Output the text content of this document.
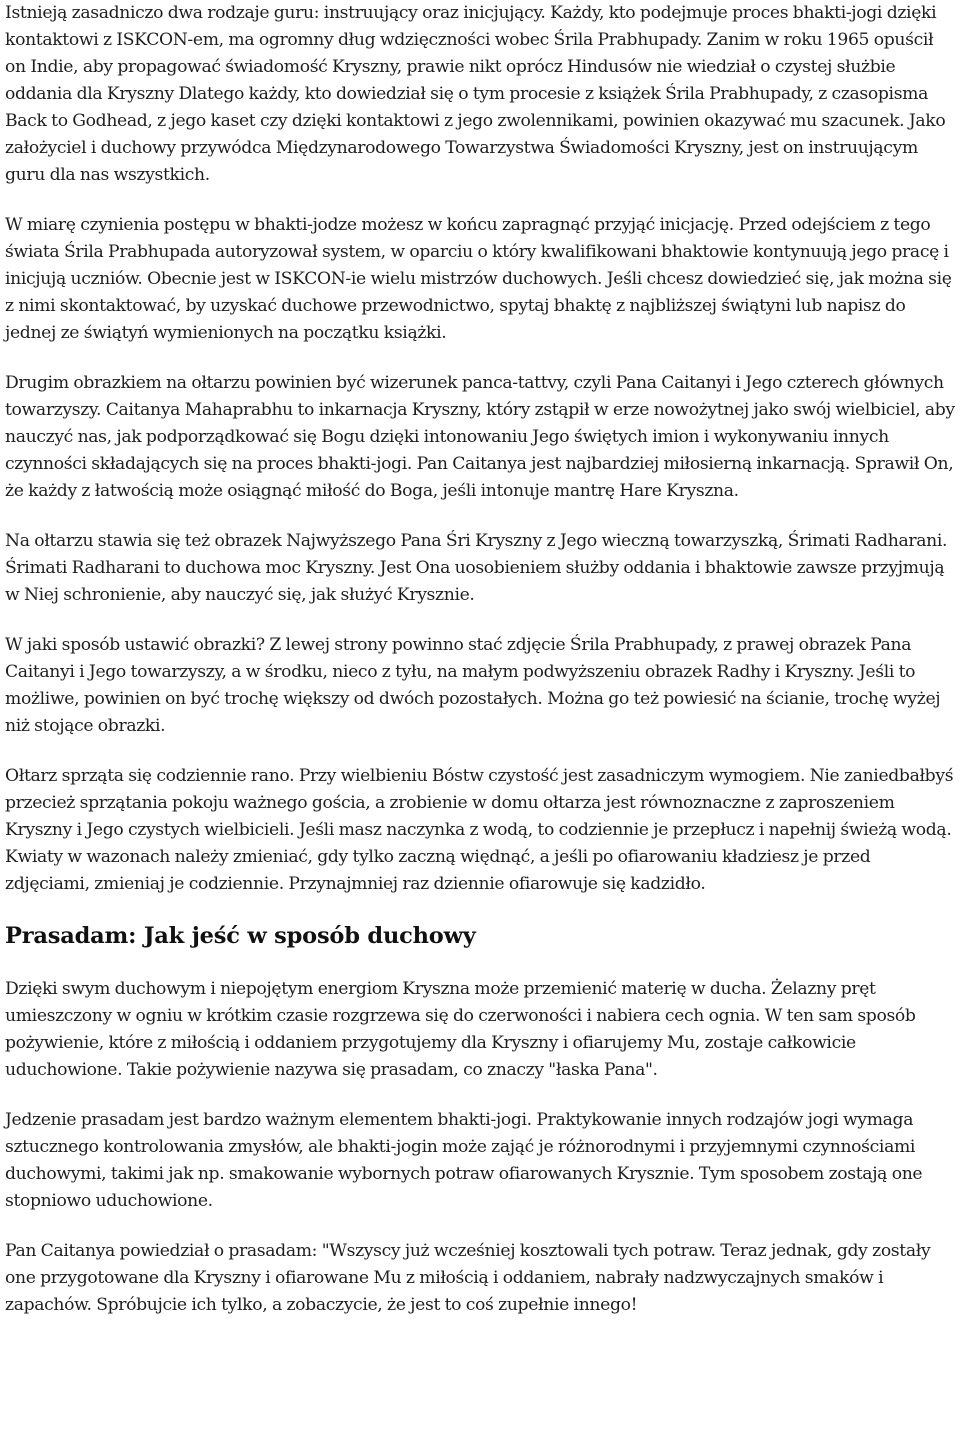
Istnieją zasadniczo dwa rodzaje guru: instruujący oraz inicjujący. Każdy, kto podejmuje proces bhakti-jogi dzięki kontaktowi z ISKCON-em, ma ogromny dług wdzięczności wobec Śrila Prabhupady. Zanim w roku 1965 opuścił on Indie, aby propagować świadomość Kryszny, prawie nikt oprócz Hindusów nie wiedział o czystej służbie oddania dla Kryszny Dlatego każdy, kto dowiedział się o tym procesie z książek Śrila Prabhupady, z czasopisma Back to Godhead, z jego kaset czy dzięki kontaktowi z jego zwolennikami, powinien okazywać mu szacunek. Jako założyciel i duchowy przywódca Międzynarodowego Towarzystwa Świadomości Kryszny, jest on instruującym guru dla nas wszystkich.

W miarę czynienia postępu w bhakti-jodze możesz w końcu zapragnąć przyjąć inicjację. Przed odejściem z tego świata Śrila Prabhupada autoryzował system, w oparciu o który kwalifikowani bhaktowie kontynuują jego pracę i inicjują uczniów. Obecnie jest w ISKCON-ie wielu mistrzów duchowych. Jeśli chcesz dowiedzieć się, jak można się z nimi skontaktować, by uzyskać duchowe przewodnictwo, spytaj bhaktę z najbliższej świątyni lub napisz do jednej ze świątyń wymienionych na początku książki.

Drugim obrazkiem na ołtarzu powinien być wizerunek panca-tattvy, czyli Pana Caitanyi i Jego czterech głównych towarzyszy. Caitanya Mahaprabhu to inkarnacja Kryszny, który zstąpił w erze nowożytnej jako swój wielbiciel, aby nauczyć nas, jak podporządkować się Bogu dzięki intonowaniu Jego świętych imion i wykonywaniu innych czynności składających się na proces bhakti-jogi. Pan Caitanya jest najbardziej miłosierną inkarnacją. Sprawił On, że każdy z łatwością może osiągnąć miłość do Boga, jeśli intonuje mantrę Hare Kryszna.

Na ołtarzu stawia się też obrazek Najwyższego Pana Śri Kryszny z Jego wieczną towarzyszką, Śrimati Radharani. Śrimati Radharani to duchowa moc Kryszny. Jest Ona uosobieniem służby oddania i bhaktowie zawsze przyjmują w Niej schronienie, aby nauczyć się, jak służyć Krysznie.

W jaki sposób ustawić obrazki? Z lewej strony powinno stać zdjęcie Śrila Prabhupady, z prawej obrazek Pana Caitanyi i Jego towarzyszy, a w środku, nieco z tyłu, na małym podwyższeniu obrazek Radhy i Kryszny. Jeśli to możliwe, powinien on być trochę większy od dwóch pozostałych. Można go też powiesić na ścianie, trochę wyżej niż stojące obrazki.

Ołtarz sprząta się codziennie rano. Przy wielbieniu Bóstw czystość jest zasadniczym wymogiem. Nie zaniedbałbyś przecież sprzątania pokoju ważnego gościa, a zrobienie w domu ołtarza jest równoznaczne z zaproszeniem Kryszny i Jego czystych wielbicieli. Jeśli masz naczynka z wodą, to codziennie je przepłucz i napełnij świeżą wodą. Kwiaty w wazonach należy zmieniać, gdy tylko zaczną więdnąć, a jeśli po ofiarowaniu kładziesz je przed zdjęciami, zmieniaj je codziennie. Przynajmniej raz dziennie ofiarowuje się kadzidło.

Prasadam: Jak jeść w sposób duchowy

Dzięki swym duchowym i niepojętym energiom Kryszna może przemienić materię w ducha. Żelazny pręt umieszczony w ogniu w krótkim czasie rozgrzewa się do czerwoności i nabiera cech ognia. W ten sam sposób pożywienie, które z miłością i oddaniem przygotujemy dla Kryszny i ofiarujemy Mu, zostaje całkowicie uduchowione. Takie pożywienie nazywa się prasadam, co znaczy "łaska Pana".

Jedzenie prasadam jest bardzo ważnym elementem bhakti-jogi. Praktykowanie innych rodzajów jogi wymaga sztucznego kontrolowania zmysłów, ale bhakti-jogin może zająć je różnorodnymi i przyjemnymi czynnościami duchowymi, takimi jak np. smakowanie wybornych potraw ofiarowanych Krysznie. Tym sposobem zostają one stopniowo uduchowione.

Pan Caitanya powiedział o prasadam: "Wszyscy już wcześniej kosztowali tych potraw. Teraz jednak, gdy zostały one przygotowane dla Kryszny i ofiarowane Mu z miłością i oddaniem, nabrały nadzwyczajnych smaków i zapachów. Spróbujcie ich tylko, a zobaczycie, że jest to coś zupełnie innego!
